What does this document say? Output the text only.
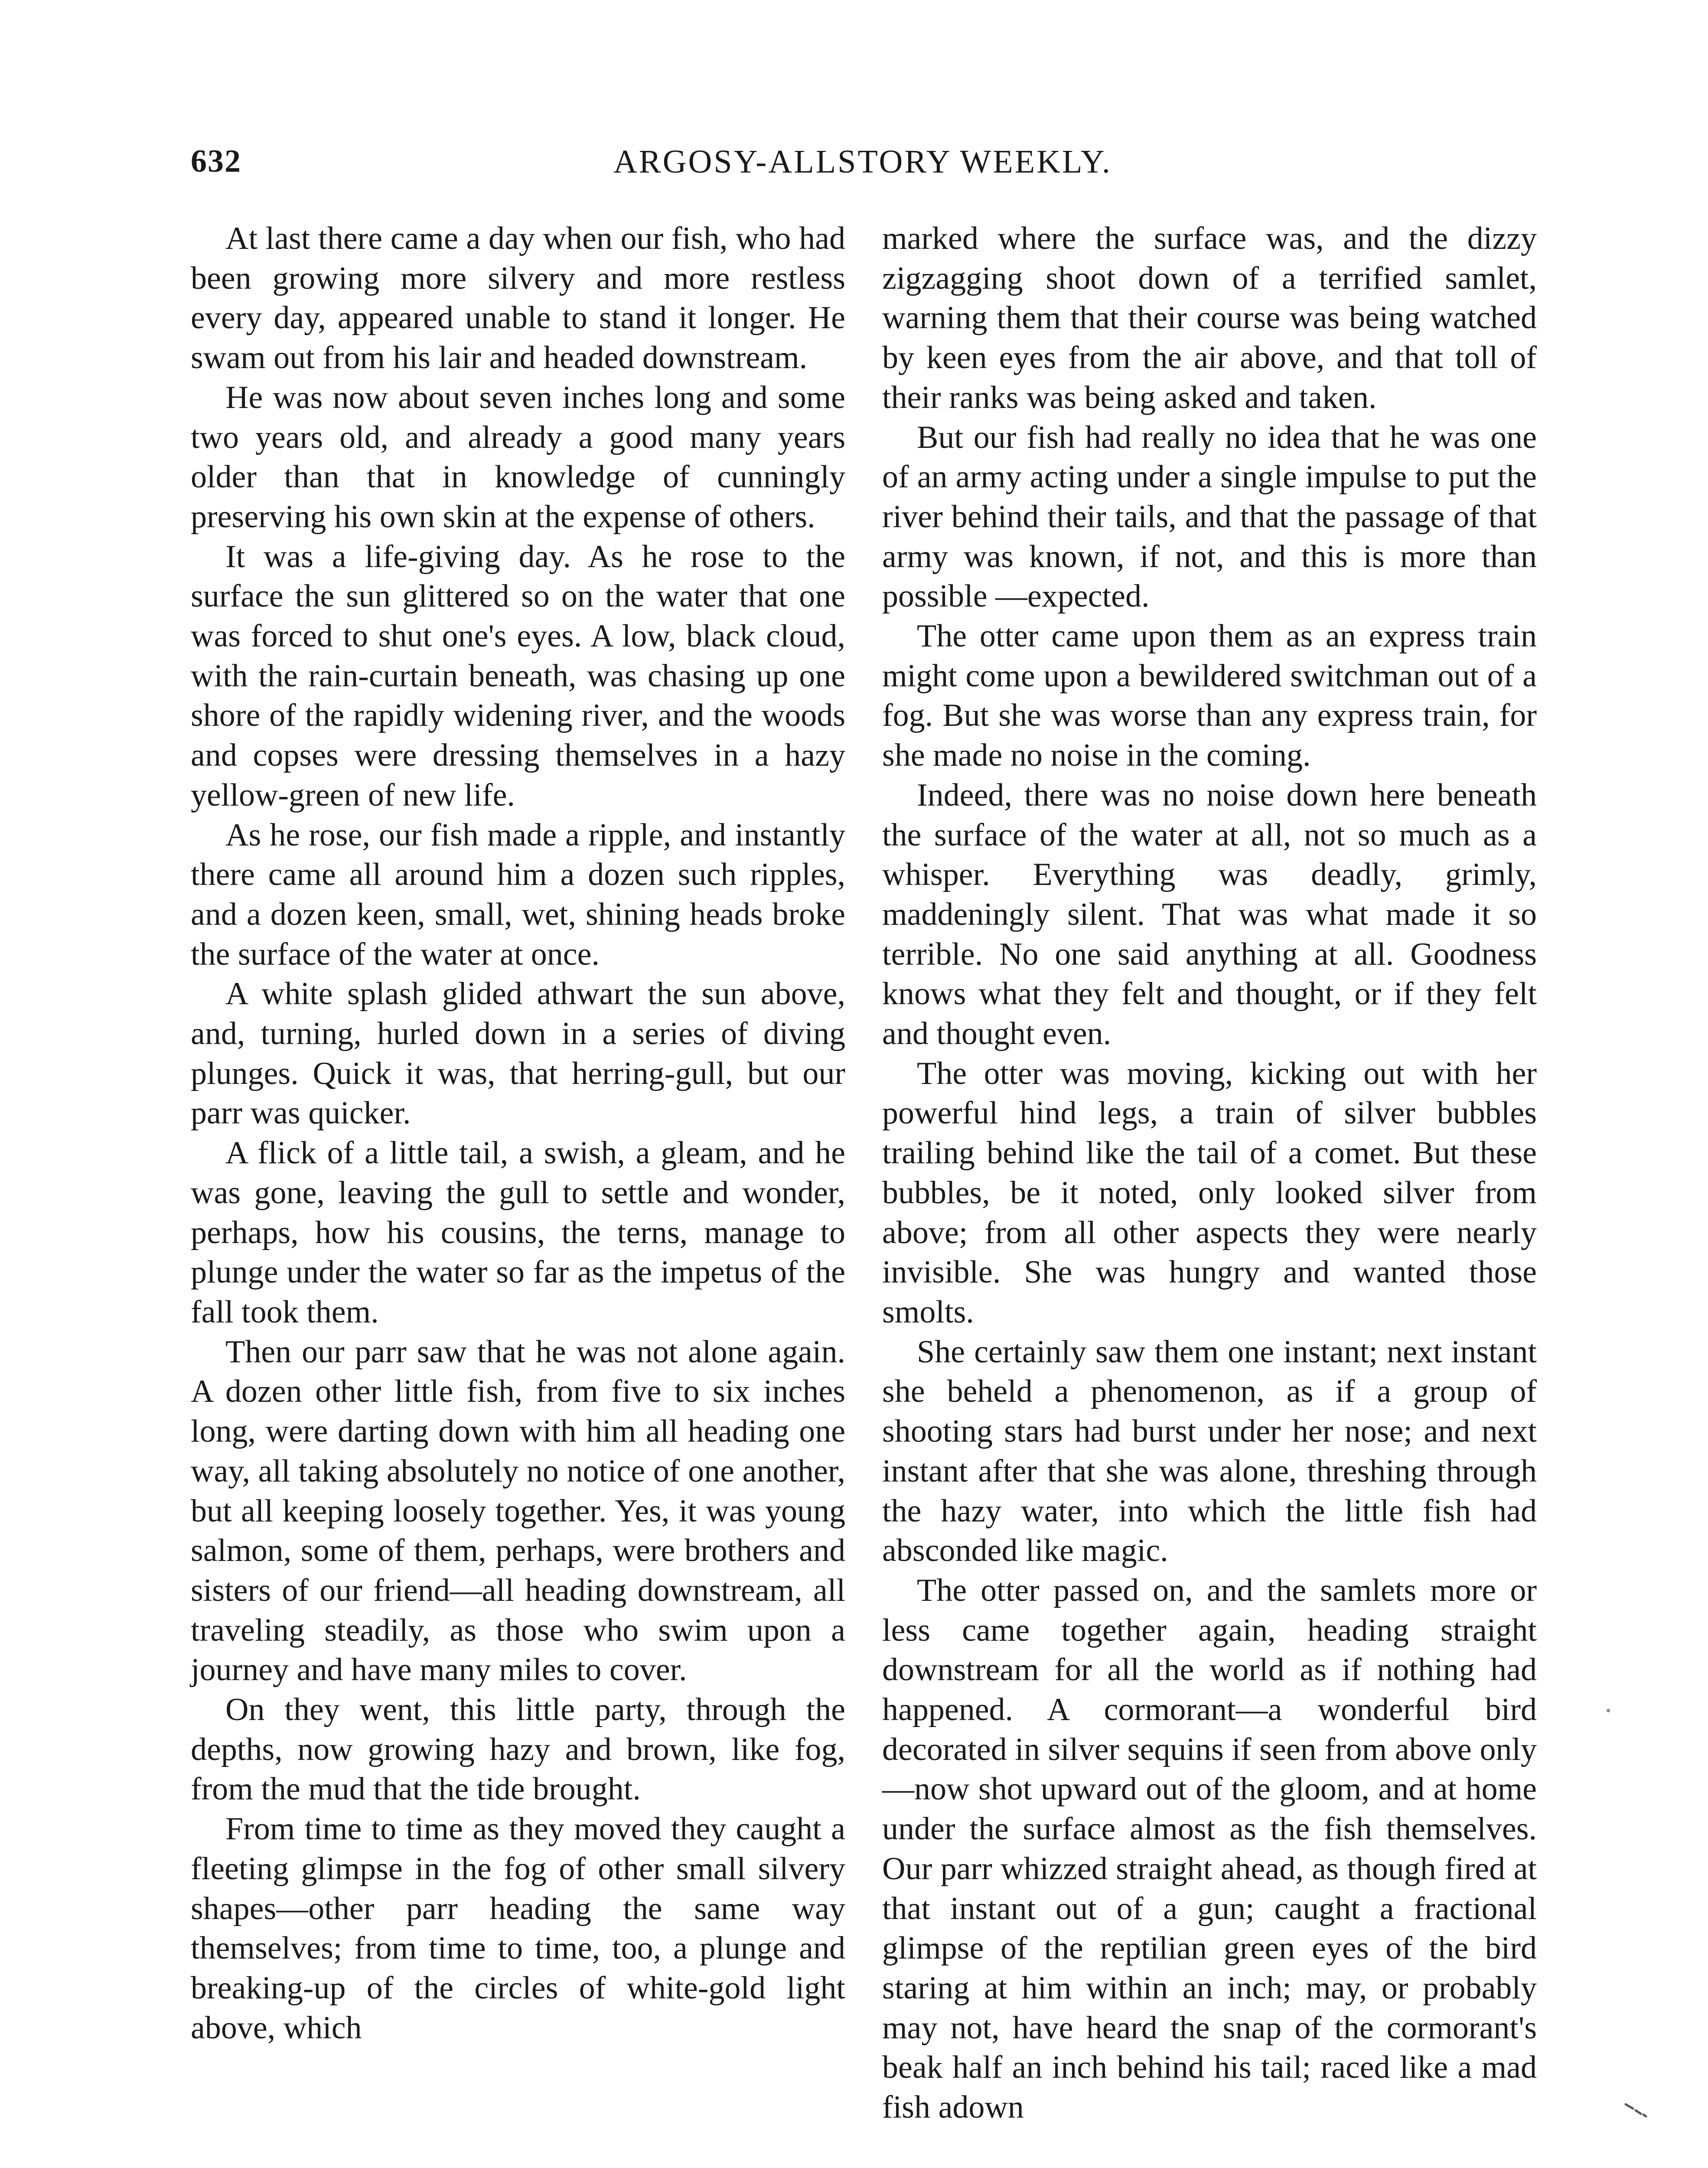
632	ARGOSY-ALLSTORY WEEKLY.

At last there came a day when our fish, who had been growing more silvery and more restless every day, appeared unable to stand it longer. He swam out from his lair and headed downstream.

He was now about seven inches long and some two years old, and already a good many years older than that in knowledge of cunningly preserving his own skin at the expense of others.

It was a life-giving day. As he rose to the surface the sun glittered so on the water that one was forced to shut one's eyes. A low, black cloud, with the rain-curtain beneath, was chasing up one shore of the rapidly widening river, and the woods and copses were dressing themselves in a hazy yellow-green of new life.

As he rose, our fish made a ripple, and instantly there came all around him a dozen such ripples, and a dozen keen, small, wet, shining heads broke the surface of the water at once.

A white splash glided athwart the sun above, and, turning, hurled down in a series of diving plunges. Quick it was, that herring-gull, but our parr was quicker.

A flick of a little tail, a swish, a gleam, and he was gone, leaving the gull to settle and wonder, perhaps, how his cousins, the terns, manage to plunge under the water so far as the impetus of the fall took them.

Then our parr saw that he was not alone again. A dozen other little fish, from five to six inches long, were darting down with him all heading one way, all taking absolutely no notice of one another, but all keeping loosely together. Yes, it was young salmon, some of them, perhaps, were brothers and sisters of our friend—all heading downstream, all traveling steadily, as those who swim upon a journey and have many miles to cover.

On they went, this little party, through the depths, now growing hazy and brown, like fog, from the mud that the tide brought.

From time to time as they moved they caught a fleeting glimpse in the fog of other small silvery shapes—other parr heading the same way themselves; from time to time, too, a plunge and breaking-up of the circles of white-gold light above, which

marked where the surface was, and the dizzy zigzagging shoot down of a terrified samlet, warning them that their course was being watched by keen eyes from the air above, and that toll of their ranks was being asked and taken.

But our fish had really no idea that he was one of an army acting under a single impulse to put the river behind their tails, and that the passage of that army was known, if not, and this is more than possible —expected.

The otter came upon them as an express train might come upon a bewildered switchman out of a fog. But she was worse than any express train, for she made no noise in the coming.

Indeed, there was no noise down here beneath the surface of the water at all, not so much as a whisper. Everything was deadly, grimly, maddeningly silent. That was what made it so terrible. No one said anything at all. Goodness knows what they felt and thought, or if they felt and thought even.

The otter was moving, kicking out with her powerful hind legs, a train of silver bubbles trailing behind like the tail of a comet. But these bubbles, be it noted, only looked silver from above; from all other aspects they were nearly invisible. She was hungry and wanted those smolts.

She certainly saw them one instant; next instant she beheld a phenomenon, as if a group of shooting stars had burst under her nose; and next instant after that she was alone, threshing through the hazy water, into which the little fish had absconded like magic.

The otter passed on, and the samlets more or less came together again, heading straight downstream for all the world as if nothing had happened. A cormorant—a wonderful bird decorated in silver sequins if seen from above only—now shot upward out of the gloom, and at home under the surface almost as the fish themselves. Our parr whizzed straight ahead, as though fired at that instant out of a gun; caught a fractional glimpse of the reptilian green eyes of the bird staring at him within an inch; may, or probably may not, have heard the snap of the cormorant's beak half an inch behind his tail; raced like a mad fish adown
